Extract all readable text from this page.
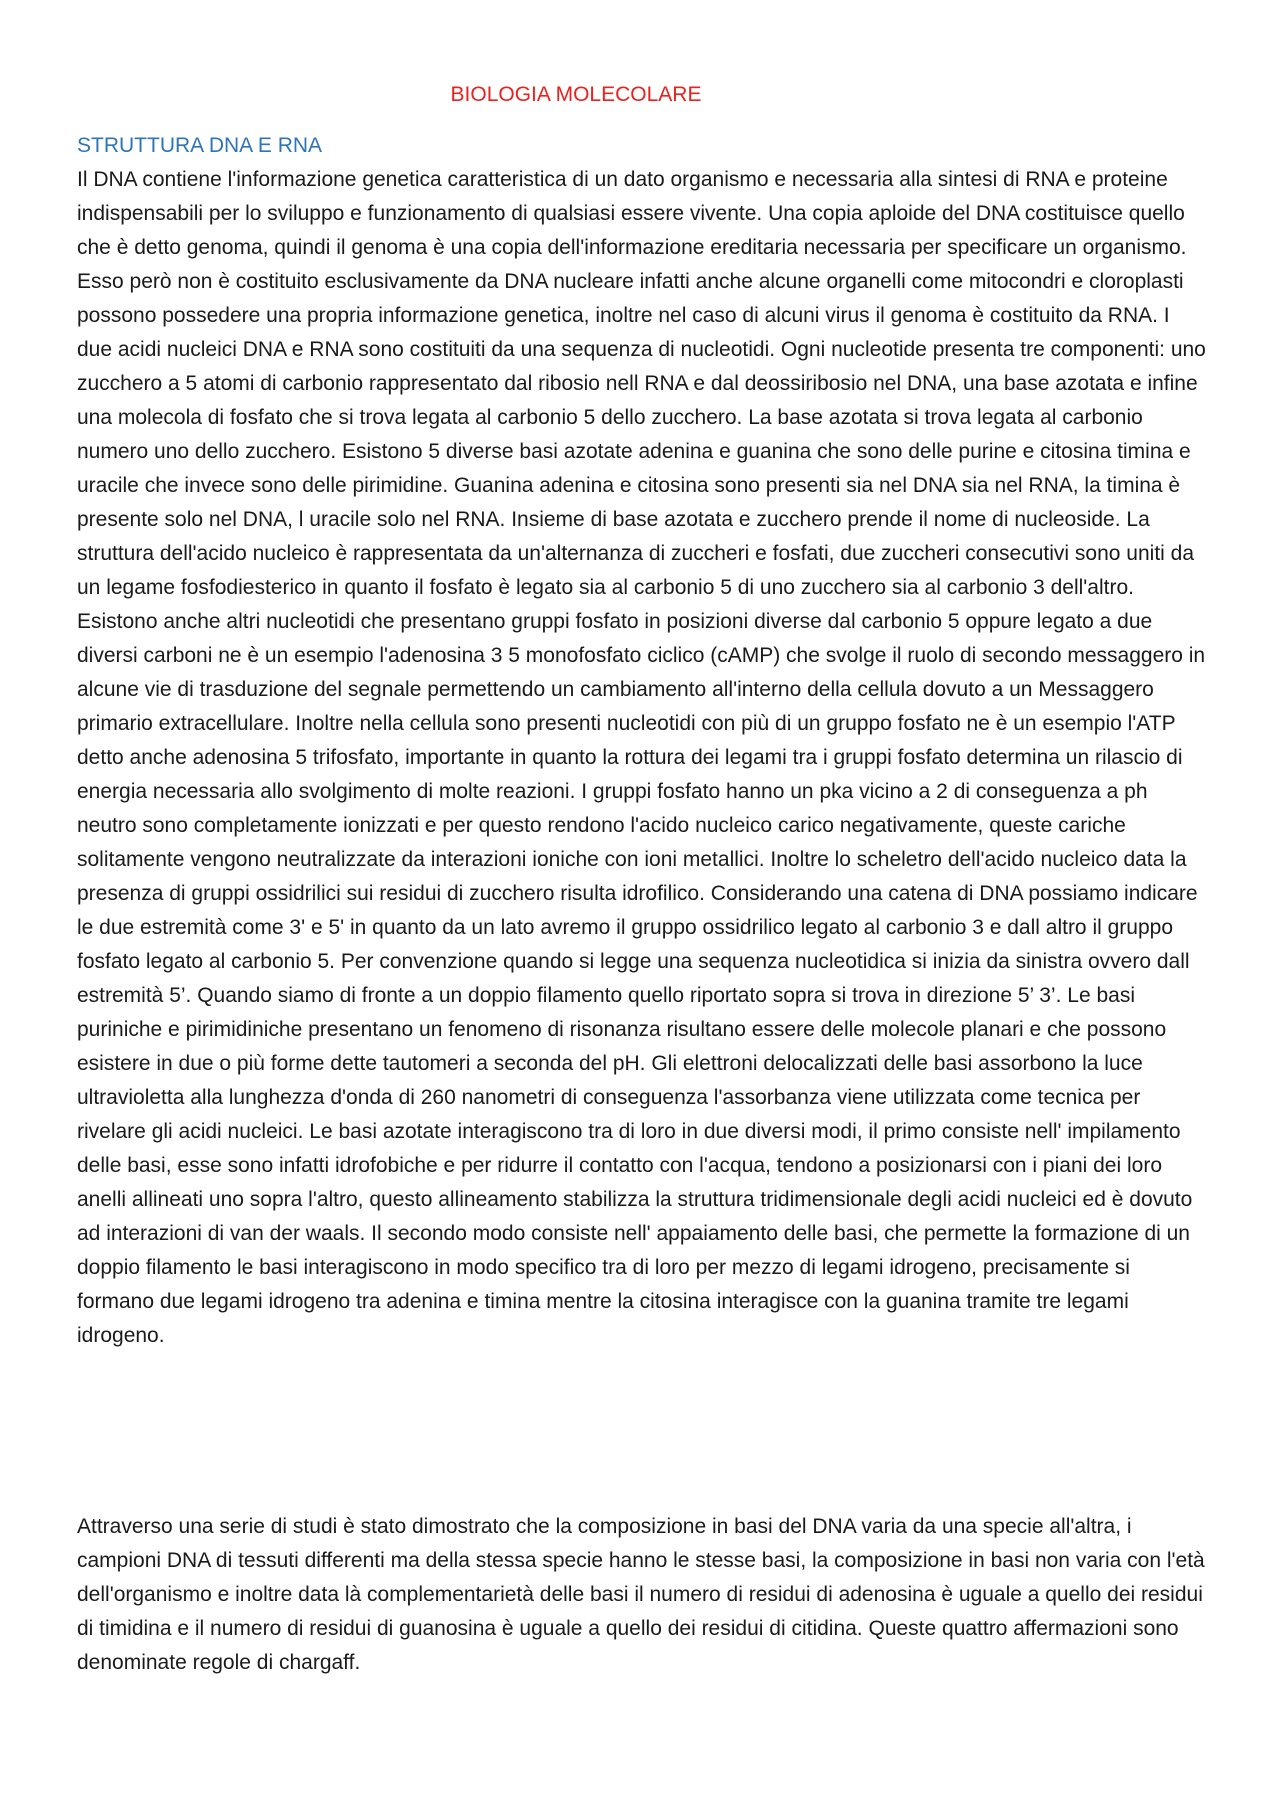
BIOLOGIA MOLECOLARE
STRUTTURA DNA E RNA

Il DNA contiene l'informazione genetica caratteristica di un dato organismo e necessaria alla sintesi di RNA e proteine indispensabili per lo sviluppo e funzionamento di qualsiasi essere vivente. Una copia aploide del DNA costituisce quello che è detto genoma, quindi il genoma è una copia dell'informazione ereditaria necessaria per specificare un organismo. Esso però non è costituito esclusivamente da DNA nucleare infatti anche alcune organelli come mitocondri e cloroplasti possono possedere una propria informazione genetica, inoltre nel caso di alcuni virus il genoma è costituito da RNA. I due acidi nucleici DNA e RNA sono costituiti da una sequenza di nucleotidi. Ogni nucleotide presenta tre componenti: uno zucchero a 5 atomi di carbonio rappresentato dal ribosio nell RNA e dal deossiribosio nel DNA, una base azotata e infine una molecola di fosfato che si trova legata al carbonio 5 dello zucchero. La base azotata si trova legata al carbonio numero uno dello zucchero. Esistono 5 diverse basi azotate adenina e guanina che sono delle purine e citosina timina e uracile che invece sono delle pirimidine. Guanina adenina e citosina sono presenti sia nel DNA sia nel RNA, la timina è presente solo nel DNA, l uracile solo nel RNA. Insieme di base azotata e zucchero prende il nome di nucleoside. La struttura dell'acido nucleico è rappresentata da un'alternanza di zuccheri e fosfati, due zuccheri consecutivi sono uniti da un legame fosfodiesterico in quanto il fosfato è legato sia al carbonio 5 di uno zucchero sia al carbonio 3 dell'altro. Esistono anche altri nucleotidi che presentano gruppi fosfato in posizioni diverse dal carbonio 5 oppure legato a due diversi carboni ne è un esempio l'adenosina 3 5 monofosfato ciclico (cAMP) che svolge il ruolo di secondo messaggero in alcune vie di trasduzione del segnale permettendo un cambiamento all'interno della cellula dovuto a un Messaggero primario extracellulare. Inoltre nella cellula sono presenti nucleotidi con più di un gruppo fosfato ne è un esempio l'ATP detto anche adenosina 5 trifosfato, importante in quanto la rottura dei legami tra i gruppi fosfato determina un rilascio di energia necessaria allo svolgimento di molte reazioni. I gruppi fosfato hanno un pka vicino a 2 di conseguenza a ph neutro sono completamente ionizzati e per questo rendono l'acido nucleico carico negativamente, queste cariche solitamente vengono neutralizzate da interazioni ioniche con ioni metallici. Inoltre lo scheletro dell'acido nucleico data la presenza di gruppi ossidrilici sui residui di zucchero risulta idrofilico. Considerando una catena di DNA possiamo indicare le due estremità come 3' e 5' in quanto da un lato avremo il gruppo ossidrilico legato al carbonio 3 e dall altro il gruppo fosfato legato al carbonio 5. Per convenzione quando si legge una sequenza nucleotidica si inizia da sinistra ovvero dall estremità 5’. Quando siamo di fronte a un doppio filamento quello riportato sopra si trova in direzione 5’ 3’. Le basi puriniche e pirimidiniche presentano un fenomeno di risonanza risultano essere delle molecole planari e che possono esistere in due o più forme dette tautomeri a seconda del pH. Gli elettroni delocalizzati delle basi assorbono la luce ultravioletta alla lunghezza d'onda di 260 nanometri di conseguenza l'assorbanza viene utilizzata come tecnica per rivelare gli acidi nucleici. Le basi azotate interagiscono tra di loro in due diversi modi, il primo consiste nell' impilamento delle basi, esse sono infatti idrofobiche e per ridurre il contatto con l'acqua, tendono a posizionarsi con i piani dei loro anelli allineati uno sopra l'altro, questo allineamento stabilizza la struttura tridimensionale degli acidi nucleici ed è dovuto ad interazioni di van der waals. Il secondo modo consiste nell' appaiamento delle basi, che permette la formazione di un doppio filamento le basi interagiscono in modo specifico tra di loro per mezzo di legami idrogeno, precisamente si formano due legami idrogeno tra adenina e timina mentre la citosina interagisce con la guanina tramite tre legami idrogeno.

Attraverso una serie di studi è stato dimostrato che la composizione in basi del DNA varia da una specie all'altra, i campioni DNA di tessuti differenti ma della stessa specie hanno le stesse basi, la composizione in basi non varia con l'età dell'organismo e inoltre data là complementarietà delle basi il numero di residui di adenosina è uguale a quello dei residui di timidina e il numero di residui di guanosina è uguale a quello dei residui di citidina. Queste quattro affermazioni sono denominate regole di chargaff.
